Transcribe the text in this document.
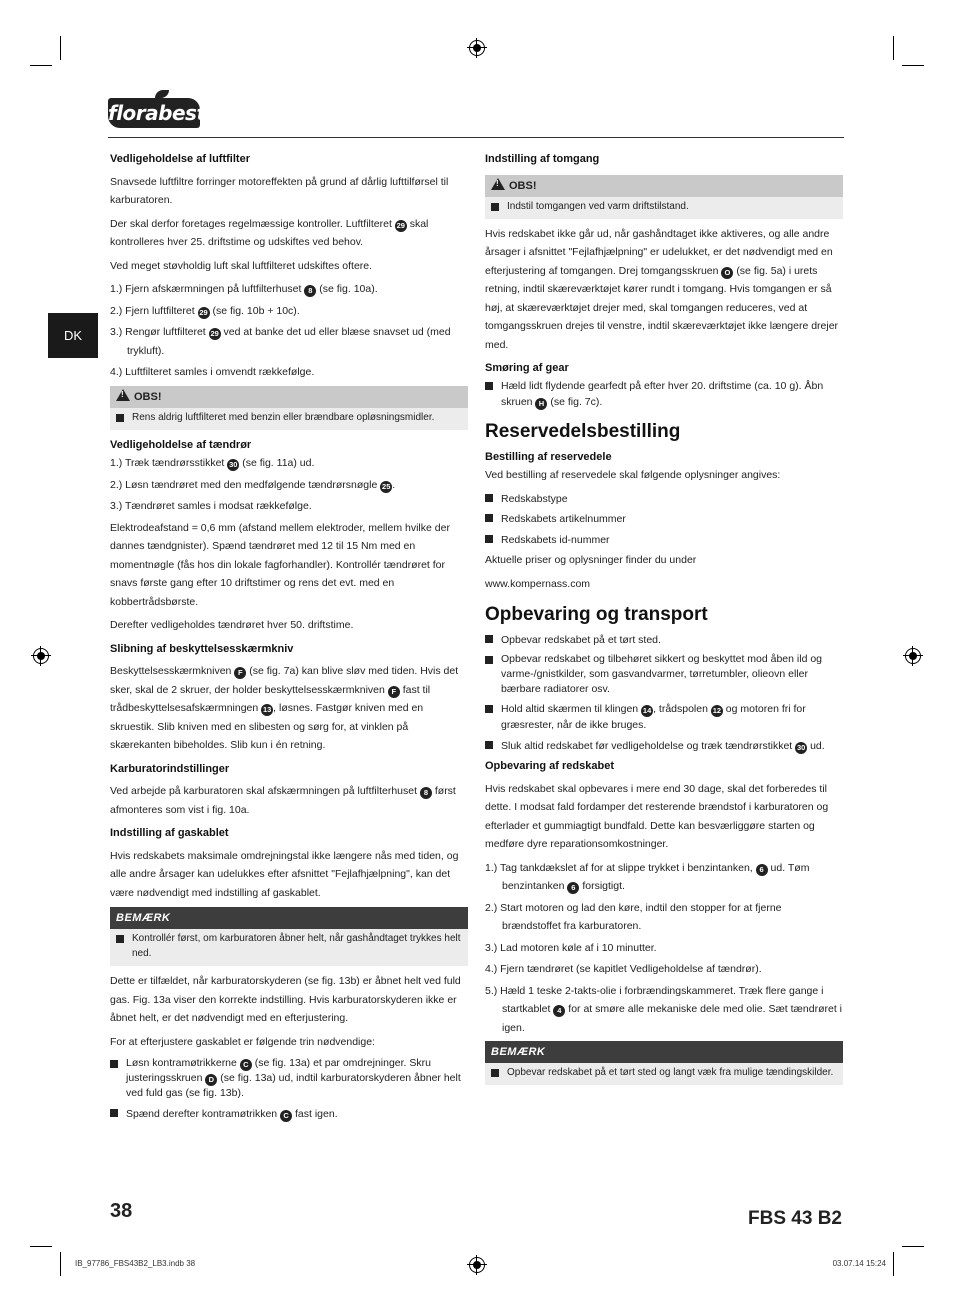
florabest
DK

Vedligeholdelse af luftfilter

Snavsede luftfiltre forringer motoreffekten på grund af dårlig lufttilførsel til karburatoren.

Der skal derfor foretages regelmæssige kontroller. Luftfilteret 29 skal kontrolleres hver 25. driftstime og udskiftes ved behov.

Ved meget støvholdig luft skal luftfilteret udskiftes oftere.

1.) Fjern afskærmningen på luftfilterhuset 8 (se fig. 10a).

2.) Fjern luftfilteret 29 (se fig. 10b + 10c).

3.) Rengør luftfilteret 29 ved at banke det ud eller blæse snavset ud (med trykluft).

4.) Luftfilteret samles i omvendt rækkefølge.

!OBS!
Rens aldrig luftfilteret med benzin eller brændbare opløsningsmidler.

Vedligeholdelse af tændrør

1.) Træk tændrørsstikket 30 (se fig. 11a) ud.

2.) Løsn tændrøret med den medfølgende tændrørsnøgle 25 .

3.) Tændrøret samles i modsat rækkefølge.

Elektrodeafstand = 0,6 mm (afstand mellem elektroder, mellem hvilke der dannes tændgnister). Spænd tændrøret med 12 til 15 Nm med en momentnøgle (fås hos din lokale fagforhandler). Kontrollér tændrøret for snavs første gang efter 10 driftstimer og rens det evt. med en kobbertrådsbørste.

Derefter vedligeholdes tændrøret hver 50. driftstime.

Slibning af beskyttelsesskærmkniv

Beskyttelsesskærmkniven F (se fig. 7a) kan blive sløv med tiden. Hvis det sker, skal de 2 skruer, der holder beskyttelsesskærmkniven F fast til trådbeskyttelsesafskærmningen 13 , løsnes. Fastgør kniven med en skruestik. Slib kniven med en slibesten og sørg for, at vinklen på skærekanten bibeholdes. Slib kun i én retning.

Karburatorindstillinger

Ved arbejde på karburatoren skal afskærmningen på luftfilterhuset 8 først afmonteres som vist i fig. 10a.

Indstilling af gaskablet

Hvis redskabets maksimale omdrejningstal ikke længere nås med tiden, og alle andre årsager kan udelukkes efter afsnittet "Fejlafhjælpning", kan det være nødvendigt med indstilling af gaskablet.

BEMÆRK
Kontrollér først, om karburatoren åbner helt, når gashåndtaget trykkes helt ned.

Dette er tilfældet, når karburatorskyderen (se fig. 13b) er åbnet helt ved fuld gas. Fig. 13a viser den korrekte indstilling. Hvis karburatorskyderen ikke er åbnet helt, er det nødvendigt med en efterjustering.

For at efterjustere gaskablet er følgende trin nødvendige:

Løsn kontramøtrikkerne C (se fig. 13a) et par omdrejninger. Skru justeringsskruen D (se fig. 13a) ud, indtil karburatorskyderen åbner helt ved fuld gas (se fig. 13b).
Spænd derefter kontramøtrikken C fast igen.

Indstilling af tomgang

!OBS!
Indstil tomgangen ved varm driftstilstand.

Hvis redskabet ikke går ud, når gashåndtaget ikke aktiveres, og alle andre årsager i afsnittet "Fejlafhjælpning" er udelukket, er det nødvendigt med en efterjustering af tomgangen. Drej tomgangsskruen O (se fig. 5a) i urets retning, indtil skæreværktøjet kører rundt i tomgang. Hvis tomgangen er så høj, at skæreværktøjet drejer med, skal tomgangen reduceres, ved at tomgangsskruen drejes til venstre, indtil skæreværktøjet ikke længere drejer med.

Smøring af gear

Hæld lidt flydende gearfedt på efter hver 20. driftstime (ca. 10 g). Åbn skruen H (se fig. 7c).

Reservedelsbestilling

Bestilling af reservedele

Ved bestilling af reservedele skal følgende oplysninger angives:

Redskabstype
Redskabets artikelnummer
Redskabets id-nummer

Aktuelle priser og oplysninger finder du under

www.kompernass.com

Opbevaring og transport

Opbevar redskabet på et tørt sted.
Opbevar redskabet og tilbehøret sikkert og beskyttet mod åben ild og varme-/gnistkilder, som gasvandvarmer, tørretumbler, olieovn eller bærbare radiatorer osv.
Hold altid skærmen til klingen 14 , trådspolen 12 og motoren fri for græsrester, når de ikke bruges.
Sluk altid redskabet før vedligeholdelse og træk tændrørstikket 30 ud.

Opbevaring af redskabet

Hvis redskabet skal opbevares i mere end 30 dage, skal det forberedes til dette. I modsat fald fordamper det resterende brændstof i karburatoren og efterlader et gummiagtigt bundfald. Dette kan besværliggøre starten og medføre dyre reparationsomkostninger.

1.) Tag tankdækslet af for at slippe trykket i benzintanken, 6 ud. Tøm benzintanken 6 forsigtigt.

2.) Start motoren og lad den køre, indtil den stopper for at fjerne brændstoffet fra karburatoren.

3.) Lad motoren køle af i 10 minutter.

4.) Fjern tændrøret (se kapitlet Vedligeholdelse af tændrør).

5.) Hæld 1 teske 2-takts-olie i forbrændingskammeret. Træk flere gange i startkablet 4 for at smøre alle mekaniske dele med olie. Sæt tændrøret i igen.

BEMÆRK
Opbevar redskabet på et tørt sted og langt væk fra mulige tændingskilder.
38	FBS 43 B2
IB_97786_FBS43B2_LB3.indb 38	03.07.14 15:24
